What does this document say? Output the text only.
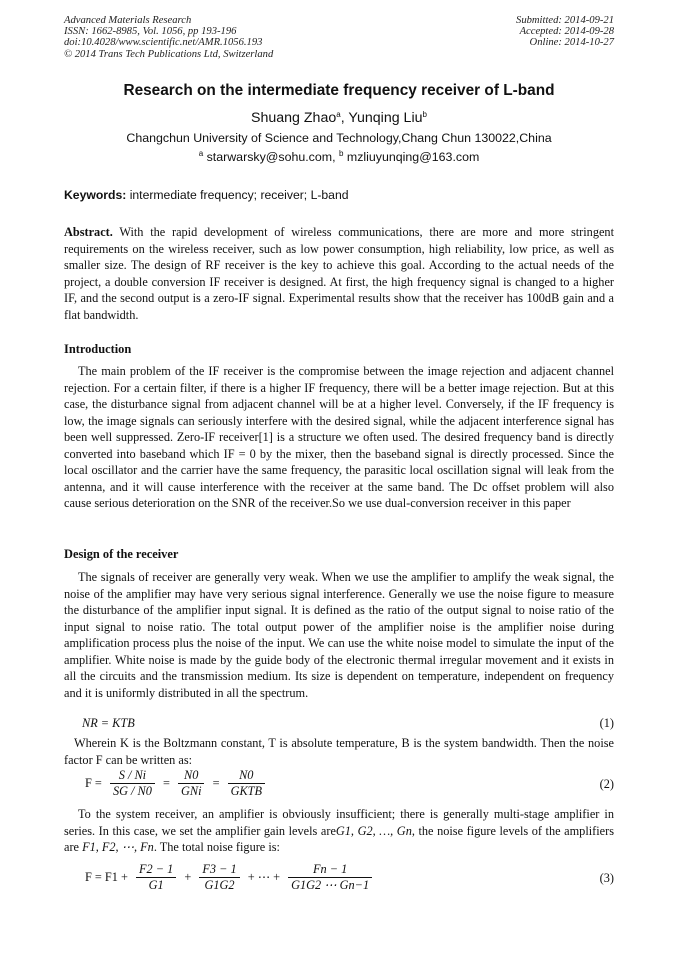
Advanced Materials Research
ISSN: 1662-8985, Vol. 1056, pp 193-196
doi:10.4028/www.scientific.net/AMR.1056.193
© 2014 Trans Tech Publications Ltd, Switzerland
Submitted: 2014-09-21
Accepted: 2014-09-28
Online: 2014-10-27
Research on the intermediate frequency receiver of L-band
Shuang Zhao$^a$, Yunqing Liu$^b$
Changchun University of Science and Technology,Chang Chun 130022,China
$^a$ starwarsky@sohu.com, $^b$ mzliuyunqing@163.com
Keywords: intermediate frequency; receiver; L-band
Abstract. With the rapid development of wireless communications, there are more and more stringent requirements on the wireless receiver, such as low power consumption, high reliability, low price, as well as smaller size. The design of RF receiver is the key to achieve this goal. According to the actual needs of the project, a double conversion IF receiver is designed. At first, the high frequency signal is changed to a higher IF, and the second output is a zero-IF signal. Experimental results show that the receiver has 100dB gain and a flat bandwidth.
Introduction
The main problem of the IF receiver is the compromise between the image rejection and adjacent channel rejection. For a certain filter, if there is a higher IF frequency, there will be a better image rejection. But at this case, the disturbance signal from adjacent channel will be at a higher level. Conversely, if the IF frequency is low, the image signals can seriously interfere with the desired signal, while the adjacent interference signal has been well suppressed. Zero-IF receiver[1] is a structure we often used. The desired frequency band is directly converted into baseband which IF = 0 by the mixer, then the baseband signal is directly processed. Since the local oscillator and the carrier have the same frequency, the parasitic local oscillation signal will leak from the antenna, and it will cause interference with the receiver at the same band. The Dc offset problem will also cause serious deterioration on the SNR of the receiver.So we use dual-conversion receiver in this paper
Design of the receiver
The signals of receiver are generally very weak. When we use the amplifier to amplify the weak signal, the noise of the amplifier may have very serious signal interference. Generally we use the noise figure to measure the disturbance of the amplifier input signal. It is defined as the ratio of the output signal to noise ratio of the input signal to noise ratio. The total output power of the amplifier noise is the amplifier noise during amplification process plus the noise of the input. We can use the white noise model to simulate the input of the amplifier. White noise is made by the guide body of the electronic thermal irregular movement and it exists in all the circuits and the transmission medium. Its size is dependent on temperature, independent on frequency and it is uniformly distributed in all the spectrum.
NR = KTB	(1)
Wherein K is the Boltzmann constant, T is absolute temperature, B is the system bandwidth. Then the noise factor F can be written as:
$F = \frac{S / Ni}{SG / N0} = \frac{N0}{\text{GNi}} = \frac{N0}{\text{GKTB}}$	(2)
To the system receiver, an amplifier is obviously insufficient; there is generally multi-stage amplifier in series. In this case, we set the amplifier gain levels areG1, G2, …, Gn, the noise figure levels of the amplifiers are F1, F2, ⋯, Fn. The total noise figure is:
$F = F1 + \frac{F2 - 1}{G1} + \frac{F3 - 1}{G1G2}$ + ⋯ + $\frac{Fn - 1}{G1G2 \cdots Gn-1}$	(3)
